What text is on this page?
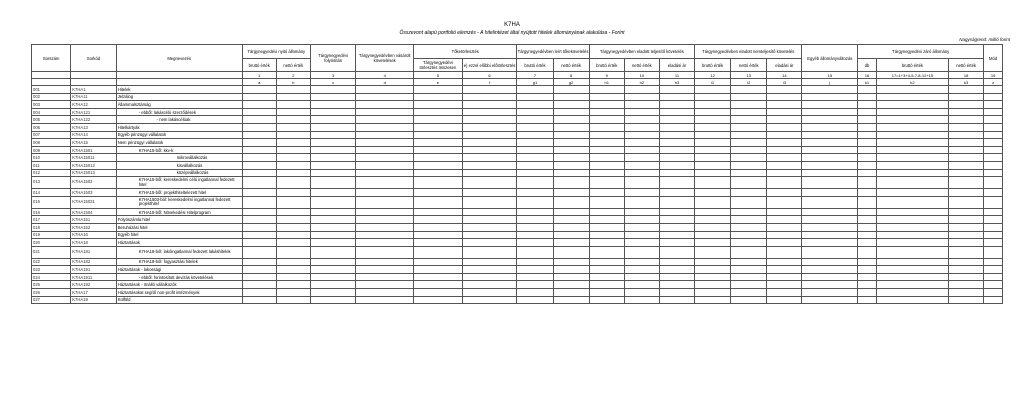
K7HA
Összevont alapú portfolió elemzés - A hitelintézet által nyújtott hitelek állományának alakulása - Forint
Nagyságrend: millió forint
Sorszám	Sorkód	Megnevezés	Tárgynegyedévi nyitó állomány		Tárgynegyedévi folyósítás	Tárgynegyedévben vásárolt követelések	Tőketörlesztés		Tárgynegyedévben leírt tőkekövetelés		Tárgynegyedévben eladott teljesítő követelés			Tárgynegyedévben eladott nemteljesítő követelés			Egyéb állományváltozás	Tárgynegyedévi záró állomány			Mód
							Tárgynegyedévi törlesztés összesen	e) ezzel előbbi előtörlesztés													
			bruttó érték	nettó érték					bruttó érték	nettó érték	bruttó érték	nettó érték	eladási ár	bruttó érték	nettó érték	eladási ár		db	bruttó érték	nettó érték	
			1	2	3	4	5	6	7	8	9	10	11	12	13	14	15	16	17=1+3+4-5-7-8-12+15	18	19
			a	b	c	d	e	f	g1	g2	h1	h2	h3	i1	i2	i3	j	k1	k2	k3	z
001	K7HA1	Hitelek																			
002	K7HA11	Jelzálog																			
003	K7HA12	Állammalsztárság																			
004	K7HA121	- ebből: lakáscélú szerződések																			
005	K7HA122	- nem lakáscélúak																			
006	K7HA13	Hitelkártyák																			
007	K7HA14	Egyéb pénzügyi vállalatok																			
008	K7HA15	Nem pénzügyi vállalatok																			
009	K7HA1501	K7HA15-ből: kkv-k																			
010	K7HA15011	mikrovállalkozás																			
011	K7HA15012	kisvállalkozás																			
012	K7HA15013	középvállalkozás																			
013	K7HA1502	K7HA15-ből: kereskedelmi célú ingatlannal fedezett hitel																			
014	K7HA1503	K7HA15-ből: projekthiteltelezett hitel																			
015	K7HA15031	K7HA1503-ból: kereskedelmi ingatlannal fedezett projekthitel																			
016	K7HA1504	K7HA15-ből: Növekedési Hitelprogram																			
017	K7HA151	Folyószámla hitel																			
018	K7HA152	Beruházási hitel																			
019	K7HA16	Egyéb hitel																			
020	K7HA18	Háztartások																			
021	K7HA181	K7HA18-ból: lakóingatlannal fedezett lakáshitelek																			
022	K7HA182	K7HA18-ból: fogyasztási hitelek																			
023	K7HA191	Háztartások - lakossági																			
024	K7HA1911	- ebből: forintosított devizás követelések																			
025	K7HA192	Háztartások - önálló vállalkozók																			
026	K7HA17	Háztartásokat segítő non-profit intézmények																			
027	K7HA19	Külföld																			
